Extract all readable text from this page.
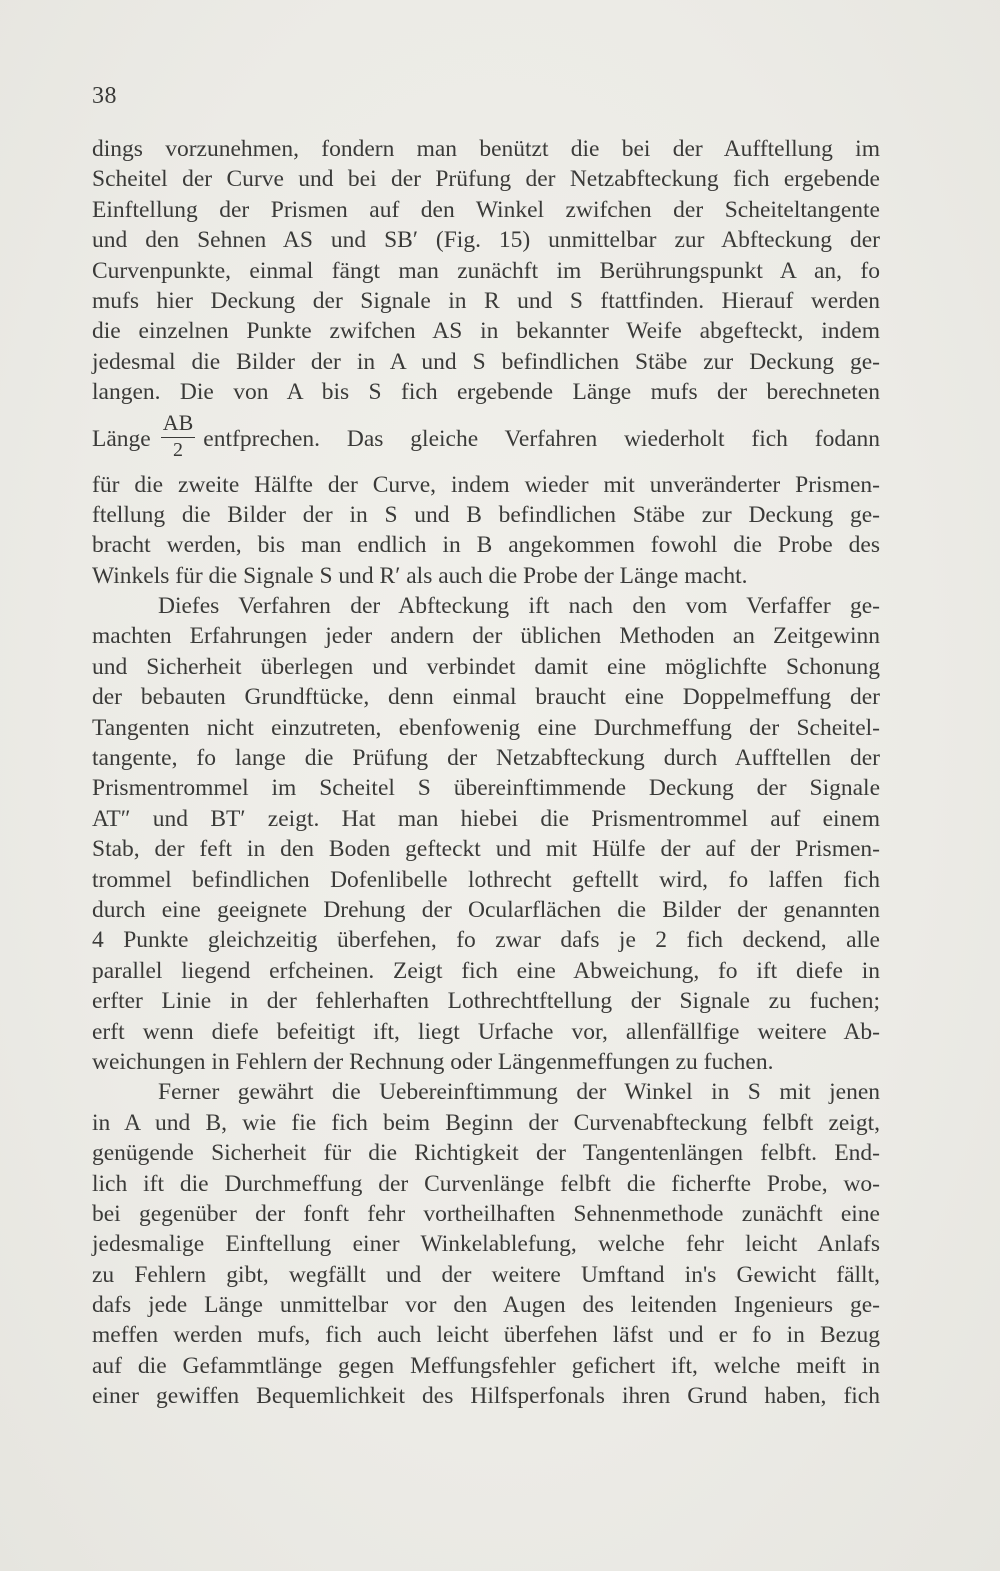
38
dings vorzunehmen, fondern man benützt die bei der Aufftellung im
Scheitel der Curve und bei der Prüfung der Netzabfteckung fich ergebende
Einftellung der Prismen auf den Winkel zwifchen der Scheiteltangente
und den Sehnen AS und SB′ (Fig. 15) unmittelbar zur Abfteckung der
Curvenpunkte, einmal fängt man zunächft im Berührungspunkt A an, fo
mufs hier Deckung der Signale in R und S ftattfinden. Hierauf werden
die einzelnen Punkte zwifchen AS in bekannter Weife abgefteckt, indem
jedesmal die Bilder der in A und S befindlichen Stäbe zur Deckung ge-
langen. Die von A bis S fich ergebende Länge mufs der berechneten
Länge $\frac{AB}{2}$ entfprechen. Das gleiche Verfahren wiederholt fich fodann
für die zweite Hälfte der Curve, indem wieder mit unveränderter Prismen-
ftellung die Bilder der in S und B befindlichen Stäbe zur Deckung ge-
bracht werden, bis man endlich in B angekommen fowohl die Probe des
Winkels für die Signale S und R′ als auch die Probe der Länge macht.
Diefes Verfahren der Abfteckung ift nach den vom Verfaffer ge-
machten Erfahrungen jeder andern der üblichen Methoden an Zeitgewinn
und Sicherheit überlegen und verbindet damit eine möglichfte Schonung
der bebauten Grundftücke, denn einmal braucht eine Doppelmeffung der
Tangenten nicht einzutreten, ebenfowenig eine Durchmeffung der Scheitel-
tangente, fo lange die Prüfung der Netzabfteckung durch Aufftellen der
Prismentrommel im Scheitel S übereinftimmende Deckung der Signale
AT″ und BT′ zeigt. Hat man hiebei die Prismentrommel auf einem
Stab, der feft in den Boden gefteckt und mit Hülfe der auf der Prismen-
trommel befindlichen Dofenlibelle lothrecht geftellt wird, fo laffen fich
durch eine geeignete Drehung der Ocularflächen die Bilder der genannten
4 Punkte gleichzeitig überfehen, fo zwar dafs je 2 fich deckend, alle
parallel liegend erfcheinen. Zeigt fich eine Abweichung, fo ift diefe in
erfter Linie in der fehlerhaften Lothrechtftellung der Signale zu fuchen;
erft wenn diefe befeitigt ift, liegt Urfache vor, allenfällfige weitere Ab-
weichungen in Fehlern der Rechnung oder Längenmeffungen zu fuchen.
Ferner gewährt die Uebereinftimmung der Winkel in S mit jenen
in A und B, wie fie fich beim Beginn der Curvenabfteckung felbft zeigt,
genügende Sicherheit für die Richtigkeit der Tangentenlängen felbft. End-
lich ift die Durchmeffung der Curvenlänge felbft die ficherfte Probe, wo-
bei gegenüber der fonft fehr vortheilhaften Sehnenmethode zunächft eine
jedesmalige Einftellung einer Winkelablefung, welche fehr leicht Anlafs
zu Fehlern gibt, wegfällt und der weitere Umftand in's Gewicht fällt,
dafs jede Länge unmittelbar vor den Augen des leitenden Ingenieurs ge-
meffen werden mufs, fich auch leicht überfehen läfst und er fo in Bezug
auf die Gefammtlänge gegen Meffungsfehler gefichert ift, welche meift in
einer gewiffen Bequemlichkeit des Hilfsperfonals ihren Grund haben, fich
